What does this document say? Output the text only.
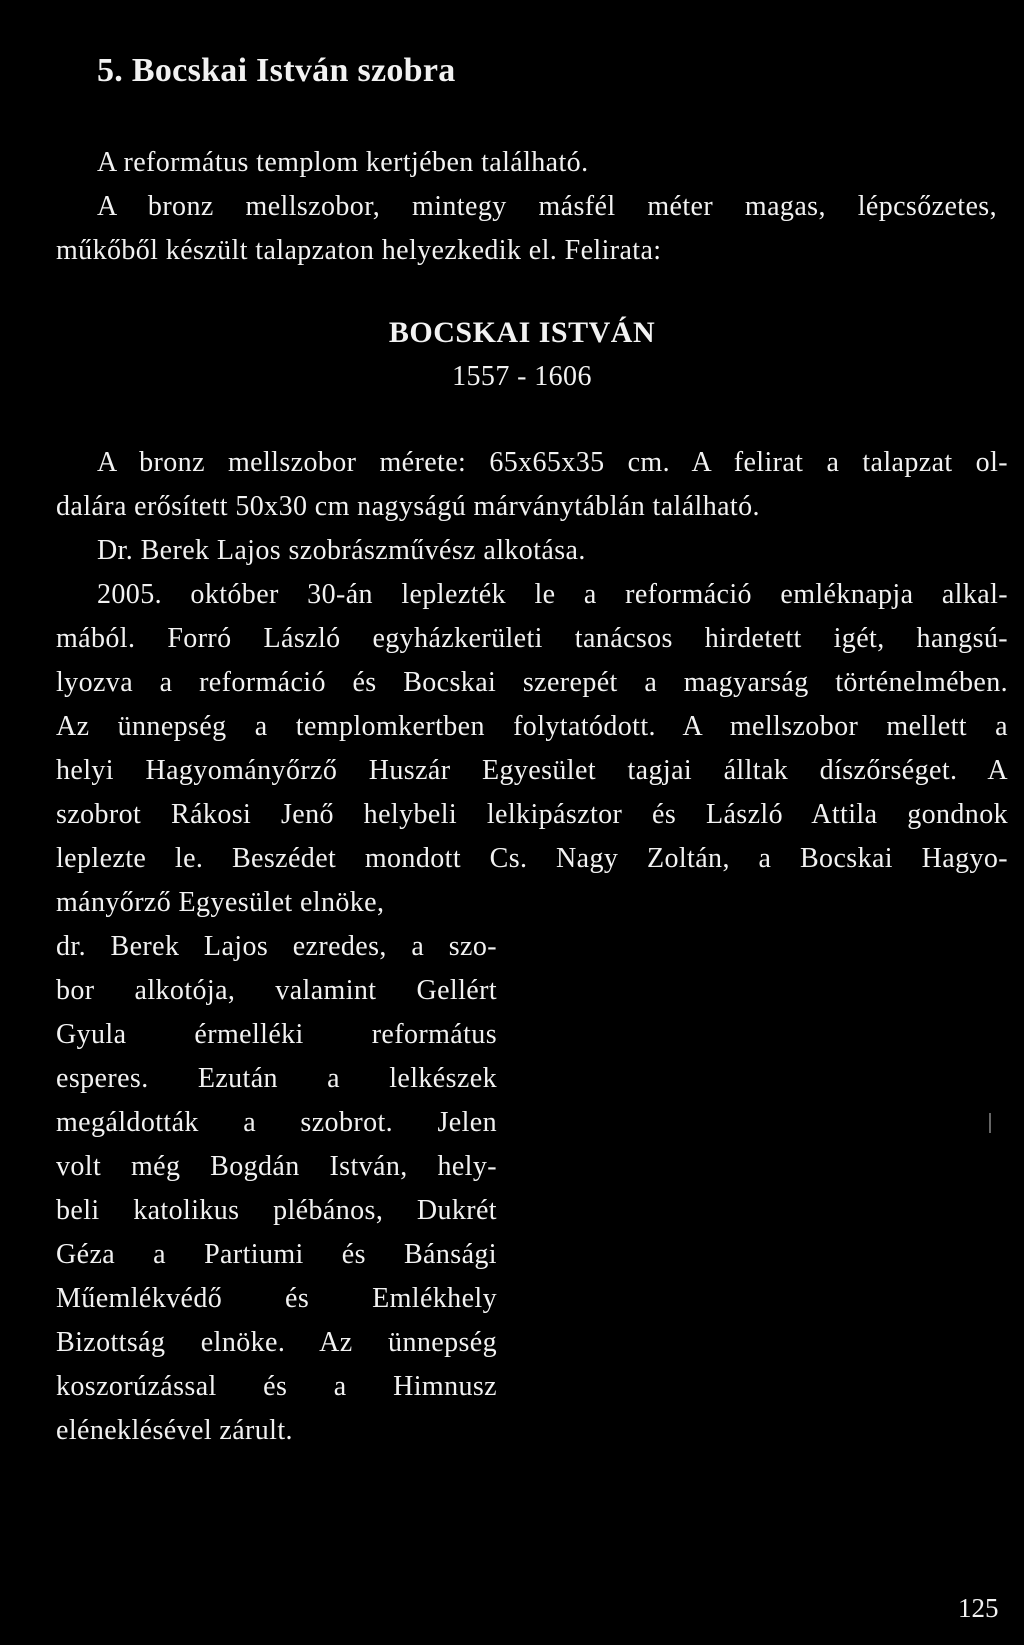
5. Bocskai István szobra
A református templom kertjében található.
A bronz mellszobor, mintegy másfél méter magas, lépcsőzetes,
műkőből készült talapzaton helyezkedik el. Felirata:
BOCSKAI ISTVÁN
1557 - 1606
A bronz mellszobor mérete: 65x65x35 cm. A felirat a talapzat ol-
dalára erősített 50x30 cm nagyságú márványtáblán található.
Dr. Berek Lajos szobrászművész alkotása.
2005. október 30-án leplezték le a reformáció emléknapja alkal-
mából. Forró László egyházkerületi tanácsos hirdetett igét, hangsú-
lyozva a reformáció és Bocskai szerepét a magyarság történelmében.
Az ünnepség a templomkertben folytatódott. A mellszobor mellett a
helyi Hagyományőrző Huszár Egyesület tagjai álltak díszőrséget. A
szobrot Rákosi Jenő helybeli lelkipásztor és László Attila gondnok
leplezte le. Beszédet mondott Cs. Nagy Zoltán, a Bocskai Hagyo-
mányőrző Egyesület elnöke,
dr. Berek Lajos ezredes, a szo-
bor alkotója, valamint Gellért
Gyula érmelléki református
esperes. Ezután a lelkészek
megáldották a szobrot. Jelen
volt még Bogdán István, hely-
beli katolikus plébános, Dukrét
Géza a Partiumi és Bánsági
Műemlékvédő és Emlékhely
Bizottság elnöke. Az ünnepség
koszorúzással és a Himnusz
eléneklésével zárult.
125
